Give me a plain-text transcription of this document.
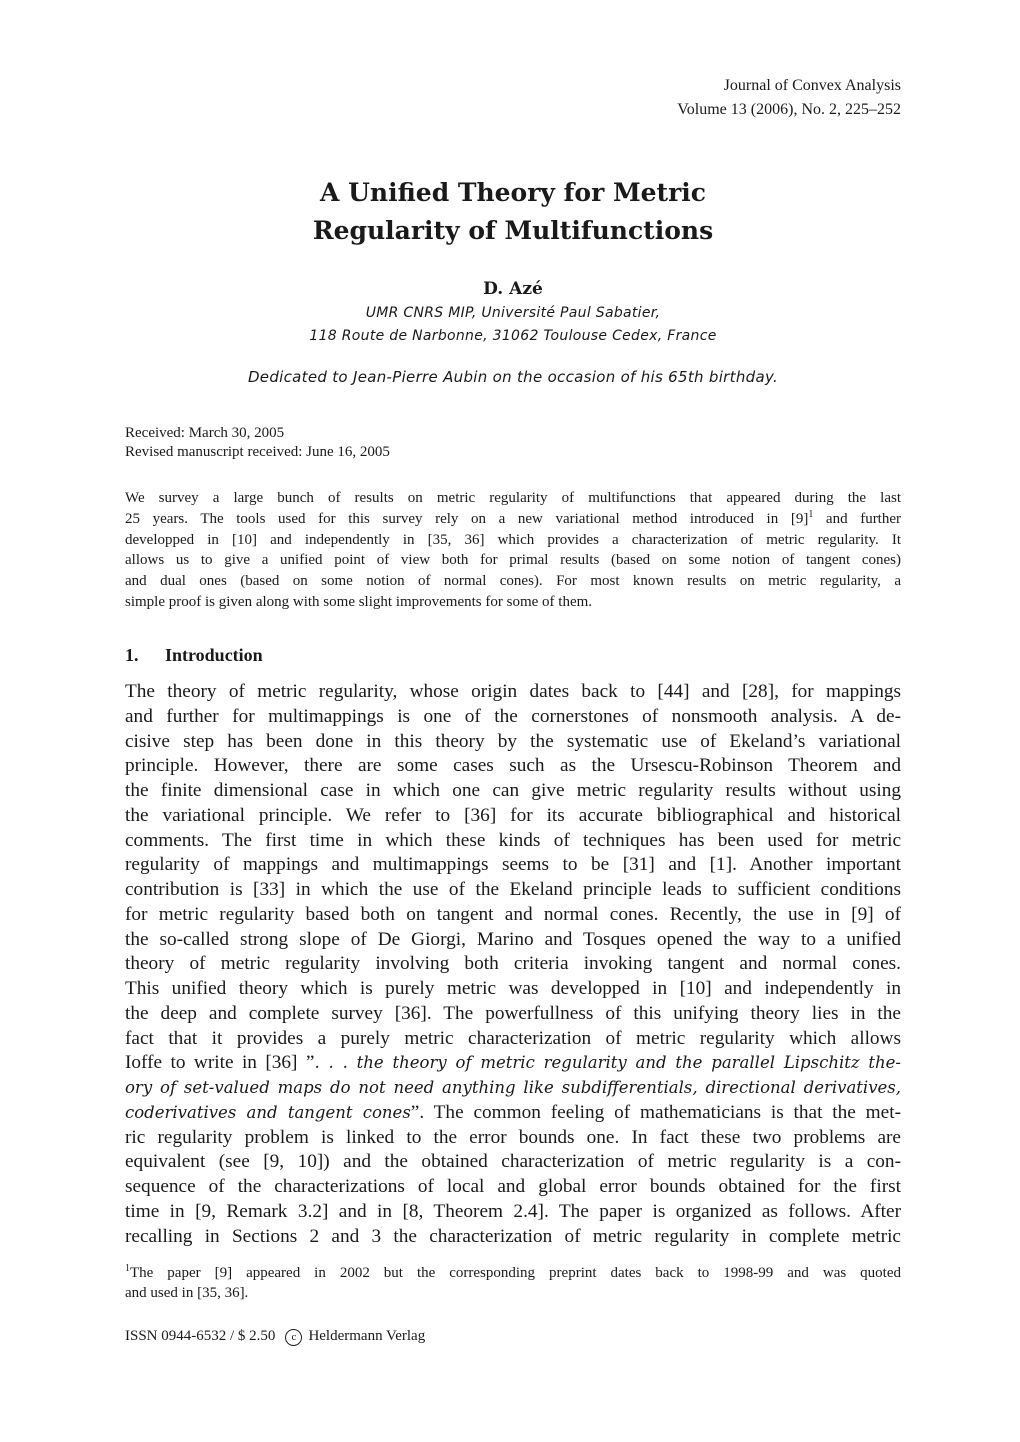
Journal of Convex Analysis
Volume 13 (2006), No. 2, 225–252
A Unified Theory for Metric
Regularity of Multifunctions
D. Azé
UMR CNRS MIP, Université Paul Sabatier,
118 Route de Narbonne, 31062 Toulouse Cedex, France
Dedicated to Jean-Pierre Aubin on the occasion of his 65th birthday.
Received: March 30, 2005
Revised manuscript received: June 16, 2005
We survey a large bunch of results on metric regularity of multifunctions that appeared during the last
25 years. The tools used for this survey rely on a new variational method introduced in $[9]^1$ and further
developped in [10] and independently in [35, 36] which provides a characterization of metric regularity. It
allows us to give a unified point of view both for primal results (based on some notion of tangent cones)
and dual ones (based on some notion of normal cones). For most known results on metric regularity, a
simple proof is given along with some slight improvements for some of them.
1. Introduction
The theory of metric regularity, whose origin dates back to [44] and [28], for mappings
and further for multimappings is one of the cornerstones of nonsmooth analysis. A de-
cisive step has been done in this theory by the systematic use of Ekeland’s variational
principle. However, there are some cases such as the Ursescu-Robinson Theorem and
the finite dimensional case in which one can give metric regularity results without using
the variational principle. We refer to [36] for its accurate bibliographical and historical
comments. The first time in which these kinds of techniques has been used for metric
regularity of mappings and multimappings seems to be [31] and [1]. Another important
contribution is [33] in which the use of the Ekeland principle leads to sufficient conditions
for metric regularity based both on tangent and normal cones. Recently, the use in [9] of
the so-called strong slope of De Giorgi, Marino and Tosques opened the way to a unified
theory of metric regularity involving both criteria invoking tangent and normal cones.
This unified theory which is purely metric was developped in [10] and independently in
the deep and complete survey [36]. The powerfullness of this unifying theory lies in the
fact that it provides a purely metric characterization of metric regularity which allows
Ioffe to write in [36] ”. . . the theory of metric regularity and the parallel Lipschitz the-
ory of set-valued maps do not need anything like subdifferentials, directional derivatives,
coderivatives and tangent cones”. The common feeling of mathematicians is that the met-
ric regularity problem is linked to the error bounds one. In fact these two problems are
equivalent (see [9, 10]) and the obtained characterization of metric regularity is a con-
sequence of the characterizations of local and global error bounds obtained for the first
time in [9, Remark 3.2] and in [8, Theorem 2.4]. The paper is organized as follows. After
recalling in Sections 2 and 3 the characterization of metric regularity in complete metric
$^1$The paper [9] appeared in 2002 but the corresponding preprint dates back to 1998-99 and was quoted
and used in [35, 36].
ISSN 0944-6532 / $ 2.50 c Heldermann Verlag
